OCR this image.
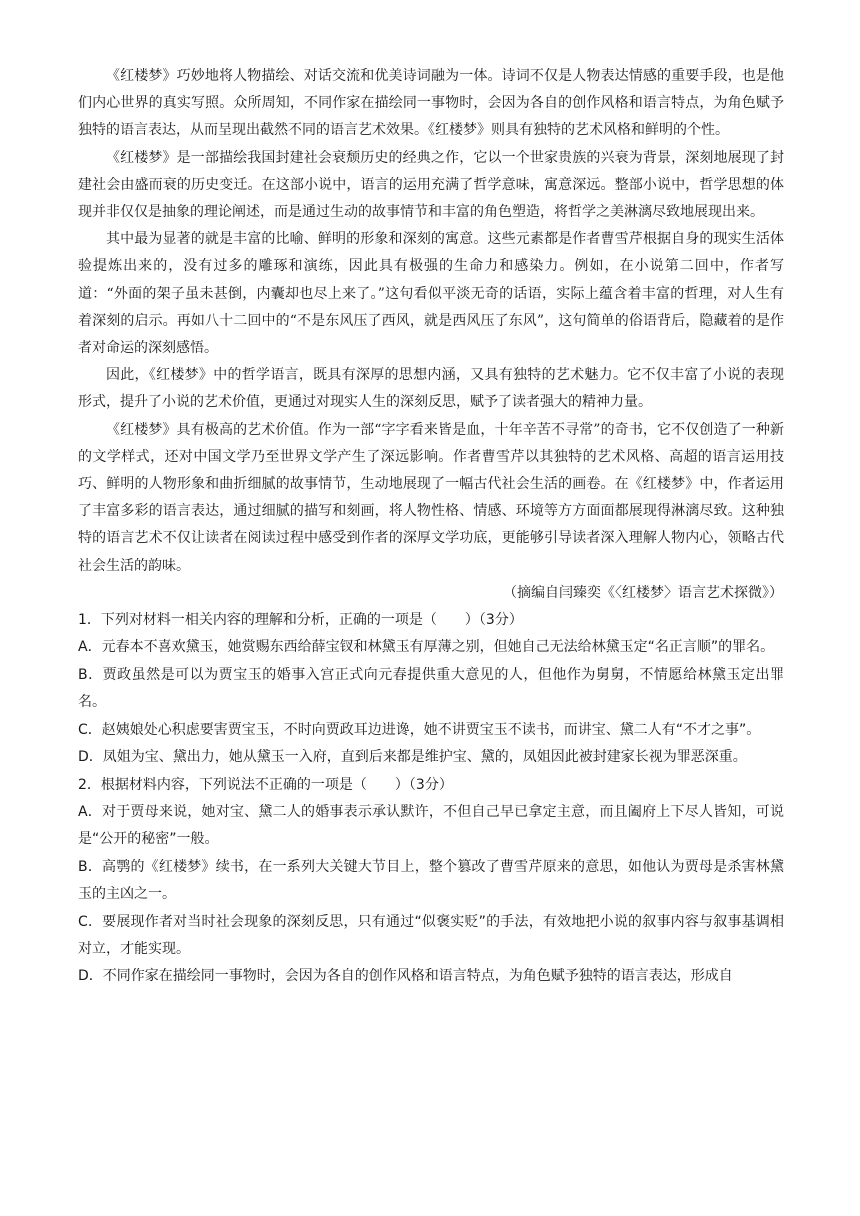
《红楼梦》巧妙地将人物描绘、对话交流和优美诗词融为一体。诗词不仅是人物表达情感的重要手段，也是他们内心世界的真实写照。众所周知，不同作家在描绘同一事物时，会因为各自的创作风格和语言特点，为角色赋予独特的语言表达，从而呈现出截然不同的语言艺术效果。《红楼梦》则具有独特的艺术风格和鲜明的个性。

《红楼梦》是一部描绘我国封建社会衰颓历史的经典之作，它以一个世家贵族的兴衰为背景，深刻地展现了封建社会由盛而衰的历史变迁。在这部小说中，语言的运用充满了哲学意味，寓意深远。整部小说中，哲学思想的体现并非仅仅是抽象的理论阐述，而是通过生动的故事情节和丰富的角色塑造，将哲学之美淋漓尽致地展现出来。

其中最为显著的就是丰富的比喻、鲜明的形象和深刻的寓意。这些元素都是作者曹雪芹根据自身的现实生活体验提炼出来的，没有过多的雕琢和演练，因此具有极强的生命力和感染力。例如，在小说第二回中，作者写道：“外面的架子虽未甚倒，内囊却也尽上来了。”这句看似平淡无奇的话语，实际上蕴含着丰富的哲理，对人生有着深刻的启示。再如八十二回中的“不是东风压了西风，就是西风压了东风”，这句简单的俗语背后，隐藏着的是作者对命运的深刻感悟。

因此，《红楼梦》中的哲学语言，既具有深厚的思想内涵，又具有独特的艺术魅力。它不仅丰富了小说的表现形式，提升了小说的艺术价值，更通过对现实人生的深刻反思，赋予了读者强大的精神力量。

《红楼梦》具有极高的艺术价值。作为一部“字字看来皆是血，十年辛苦不寻常”的奇书，它不仅创造了一种新的文学样式，还对中国文学乃至世界文学产生了深远影响。作者曹雪芹以其独特的艺术风格、高超的语言运用技巧、鲜明的人物形象和曲折细腻的故事情节，生动地展现了一幅古代社会生活的画卷。在《红楼梦》中，作者运用了丰富多彩的语言表达，通过细腻的描写和刻画，将人物性格、情感、环境等方方面面都展现得淋漓尽致。这种独特的语言艺术不仅让读者在阅读过程中感受到作者的深厚文学功底，更能够引导读者深入理解人物内心，领略古代社会生活的韵味。

（摘编自闫臻奕《〈红楼梦〉语言艺术探微》）

1．下列对材料一相关内容的理解和分析，正确的一项是（　　）（3分）

A．元春本不喜欢黛玉，她赏赐东西给薛宝钗和林黛玉有厚薄之别，但她自己无法给林黛玉定“名正言顺”的罪名。

B．贾政虽然是可以为贾宝玉的婚事入宫正式向元春提供重大意见的人，但他作为舅舅，不情愿给林黛玉定出罪名。

C．赵姨娘处心积虑要害贾宝玉，不时向贾政耳边进谗，她不讲贾宝玉不读书，而讲宝、黛二人有“不才之事”。

D．凤姐为宝、黛出力，她从黛玉一入府，直到后来都是维护宝、黛的，凤姐因此被封建家长视为罪恶深重。

2．根据材料内容，下列说法不正确的一项是（　　）（3分）

A．对于贾母来说，她对宝、黛二人的婚事表示承认默许，不但自己早已拿定主意，而且阖府上下尽人皆知，可说是“公开的秘密”一般。

B．高鹗的《红楼梦》续书，在一系列大关键大节目上，整个篡改了曹雪芹原来的意思，如他认为贾母是杀害林黛玉的主凶之一。

C．要展现作者对当时社会现象的深刻反思，只有通过“似褒实贬”的手法，有效地把小说的叙事内容与叙事基调相对立，才能实现。

D．不同作家在描绘同一事物时，会因为各自的创作风格和语言特点，为角色赋予独特的语言表达，形成自
